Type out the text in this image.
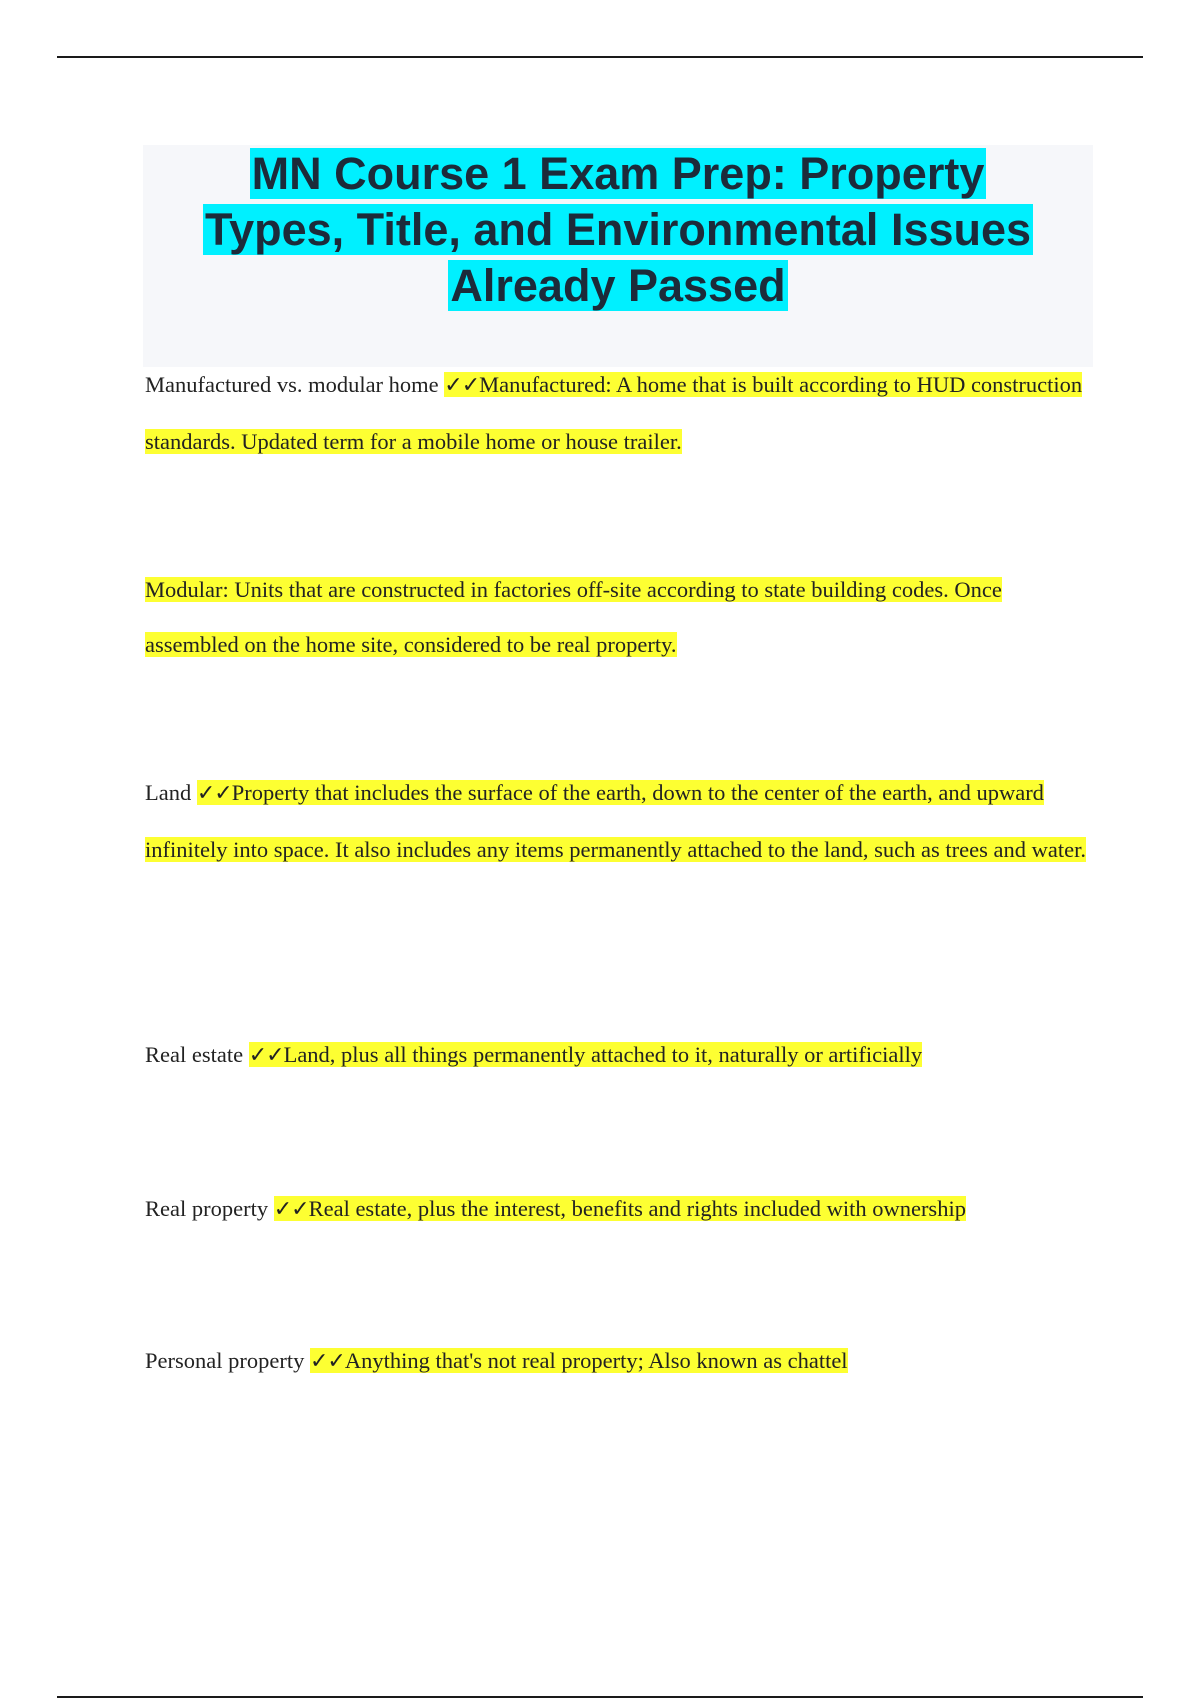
MN Course 1 Exam Prep: Property
Types, Title, and Environmental Issues
Already Passed

Manufactured vs. modular home ✓✓Manufactured: A home that is built according to HUD construction standards. Updated term for a mobile home or house trailer.

Modular: Units that are constructed in factories off-site according to state building codes. Once assembled on the home site, considered to be real property.

Land ✓✓Property that includes the surface of the earth, down to the center of the earth, and upward infinitely into space. It also includes any items permanently attached to the land, such as trees and water.

Real estate ✓✓Land, plus all things permanently attached to it, naturally or artificially

Real property ✓✓Real estate, plus the interest, benefits and rights included with ownership

Personal property ✓✓Anything that's not real property; Also known as chattel
